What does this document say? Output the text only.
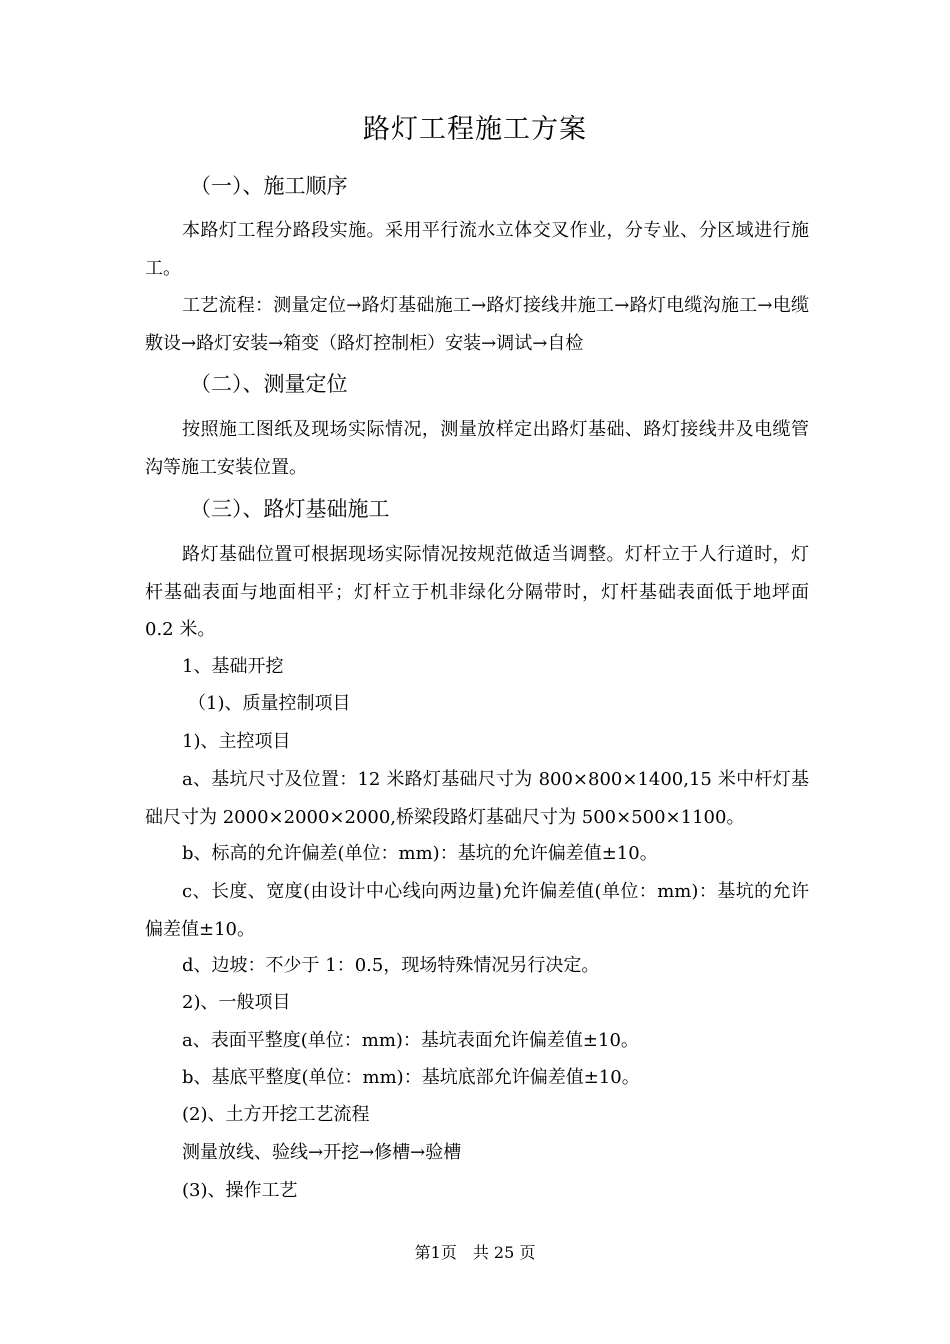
路灯工程施工方案
（一）、施工顺序

本路灯工程分路段实施。采用平行流水立体交叉作业，分专业、分区域进行施工。

工艺流程：测量定位→路灯基础施工→路灯接线井施工→路灯电缆沟施工→电缆敷设→路灯安装→箱变（路灯控制柜）安装→调试→自检

（二）、测量定位

按照施工图纸及现场实际情况，测量放样定出路灯基础、路灯接线井及电缆管沟等施工安装位置。

（三）、路灯基础施工

路灯基础位置可根据现场实际情况按规范做适当调整。灯杆立于人行道时，灯杆基础表面与地面相平；灯杆立于机非绿化分隔带时，灯杆基础表面低于地坪面 0.2 米。

1、基础开挖
（1)、质量控制项目
1)、主控项目

a、基坑尺寸及位置：12 米路灯基础尺寸为 800×800×1400,15 米中杆灯基础尺寸为 2000×2000×2000,桥梁段路灯基础尺寸为 500×500×1100。

b、标高的允许偏差(单位：mm)：基坑的允许偏差值±10。

c、长度、宽度(由设计中心线向两边量)允许偏差值(单位：mm)：基坑的允许偏差值±10。

d、边坡：不少于 1：0.5，现场特殊情况另行决定。
2)、一般项目
a、表面平整度(单位：mm)：基坑表面允许偏差值±10。
b、基底平整度(单位：mm)：基坑底部允许偏差值±10。
(2)、土方开挖工艺流程
测量放线、验线→开挖→修槽→验槽
(3)、操作工艺
第1页　共 25 页
